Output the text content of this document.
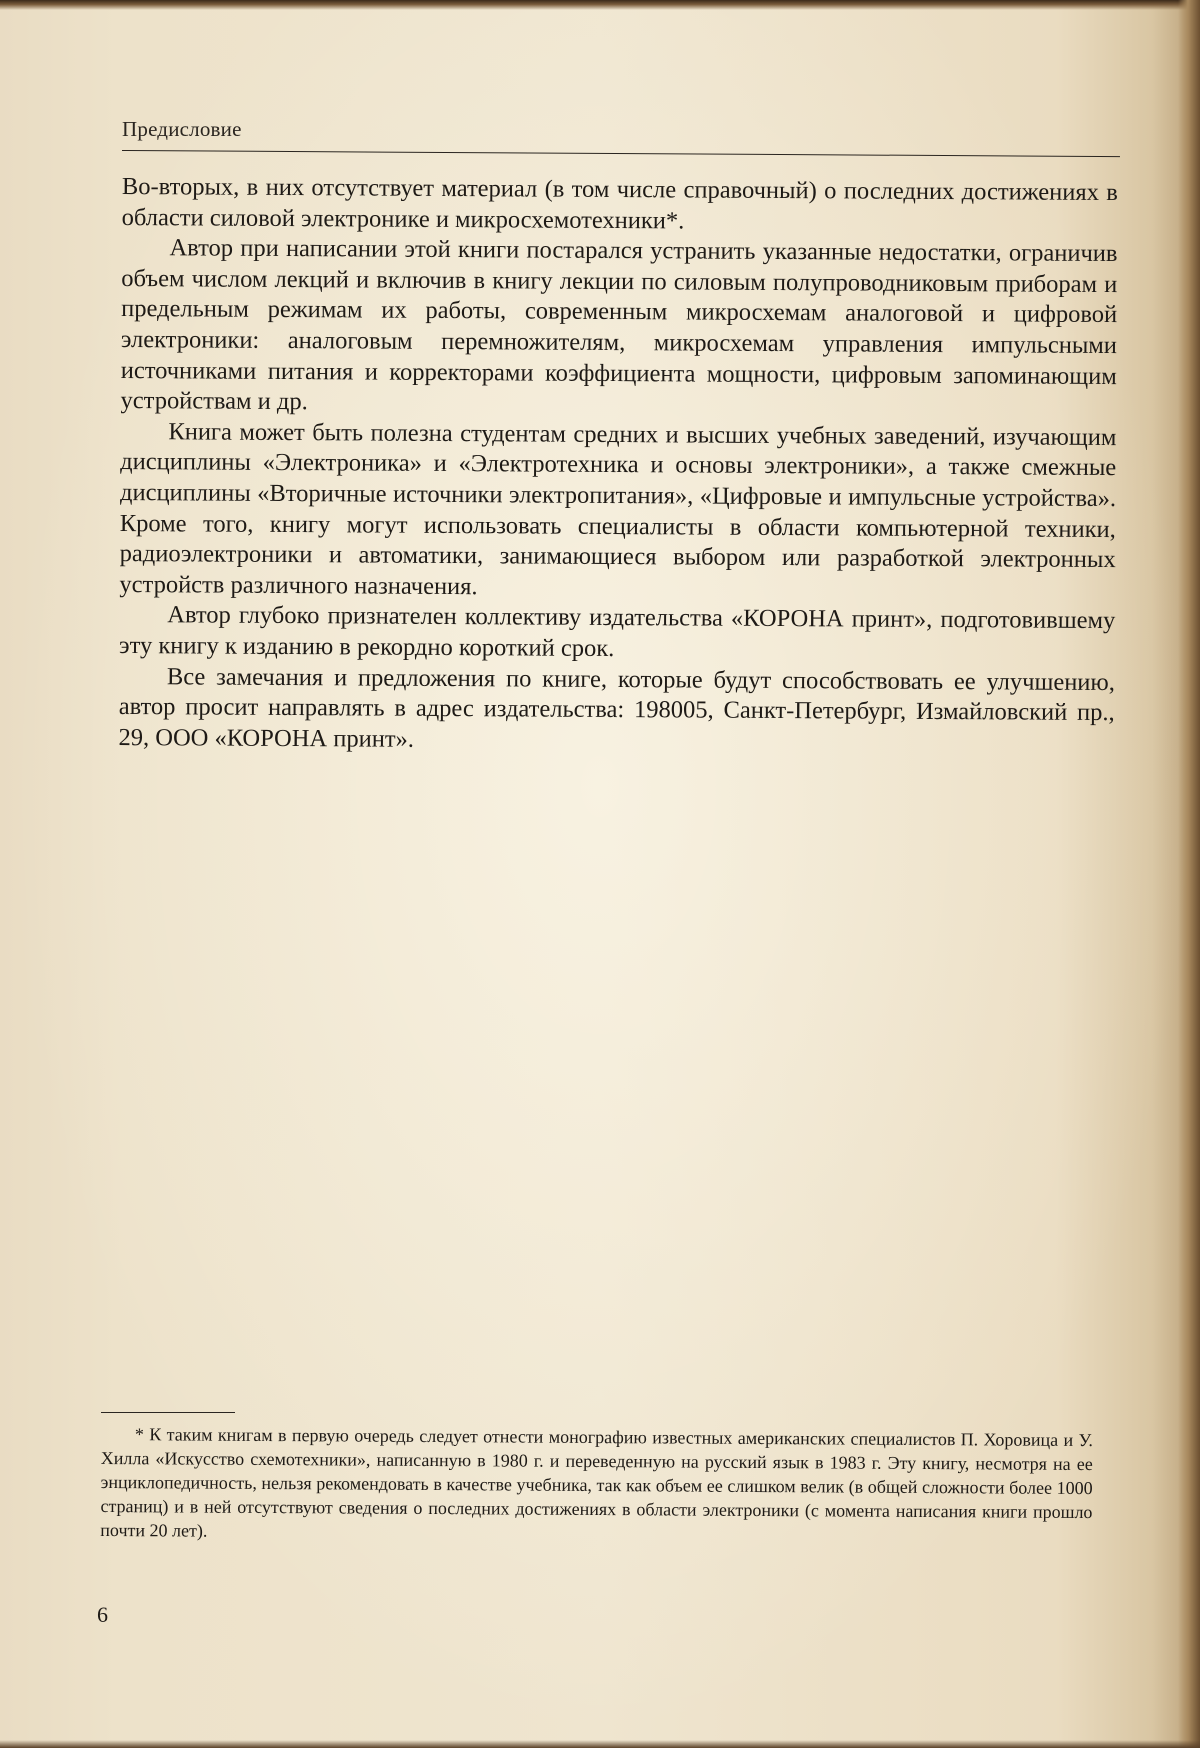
Предисловие

Во-вторых, в них отсутствует материал (в том числе справочный) о последних достижениях в области силовой электронике и микросхемотехники*.

Автор при написании этой книги постарался устранить указанные недостатки, ограничив объем числом лекций и включив в книгу лекции по силовым полупроводниковым приборам и предельным режимам их работы, современным микросхемам аналоговой и цифровой электроники: аналоговым перемножителям, микросхемам управления импульсными источниками питания и корректорами коэффициента мощности, цифровым запоминающим устройствам и др.

Книга может быть полезна студентам средних и высших учебных заведений, изучающим дисциплины «Электроника» и «Электротехника и основы электроники», а также смежные дисциплины «Вторичные источники электропитания», «Цифровые и импульсные устройства». Кроме того, книгу могут использовать специалисты в области компьютерной техники, радиоэлектроники и автоматики, занимающиеся выбором или разработкой электронных устройств различного назначения.

Автор глубоко признателен коллективу издательства «КОРОНА принт», подготовившему эту книгу к изданию в рекордно короткий срок.

Все замечания и предложения по книге, которые будут способствовать ее улучшению, автор просит направлять в адрес издательства: 198005, Санкт-Петербург, Измайловский пр., 29, ООО «КОРОНА принт».

* К таким книгам в первую очередь следует отнести монографию известных американских специалистов П. Хоровица и У. Хилла «Искусство схемотехники», написанную в 1980 г. и переведенную на русский язык в 1983 г. Эту книгу, несмотря на ее энциклопедичность, нельзя рекомендовать в качестве учебника, так как объем ее слишком велик (в общей сложности более 1000 страниц) и в ней отсутствуют сведения о последних достижениях в области электроники (с момента написания книги прошло почти 20 лет).
6
